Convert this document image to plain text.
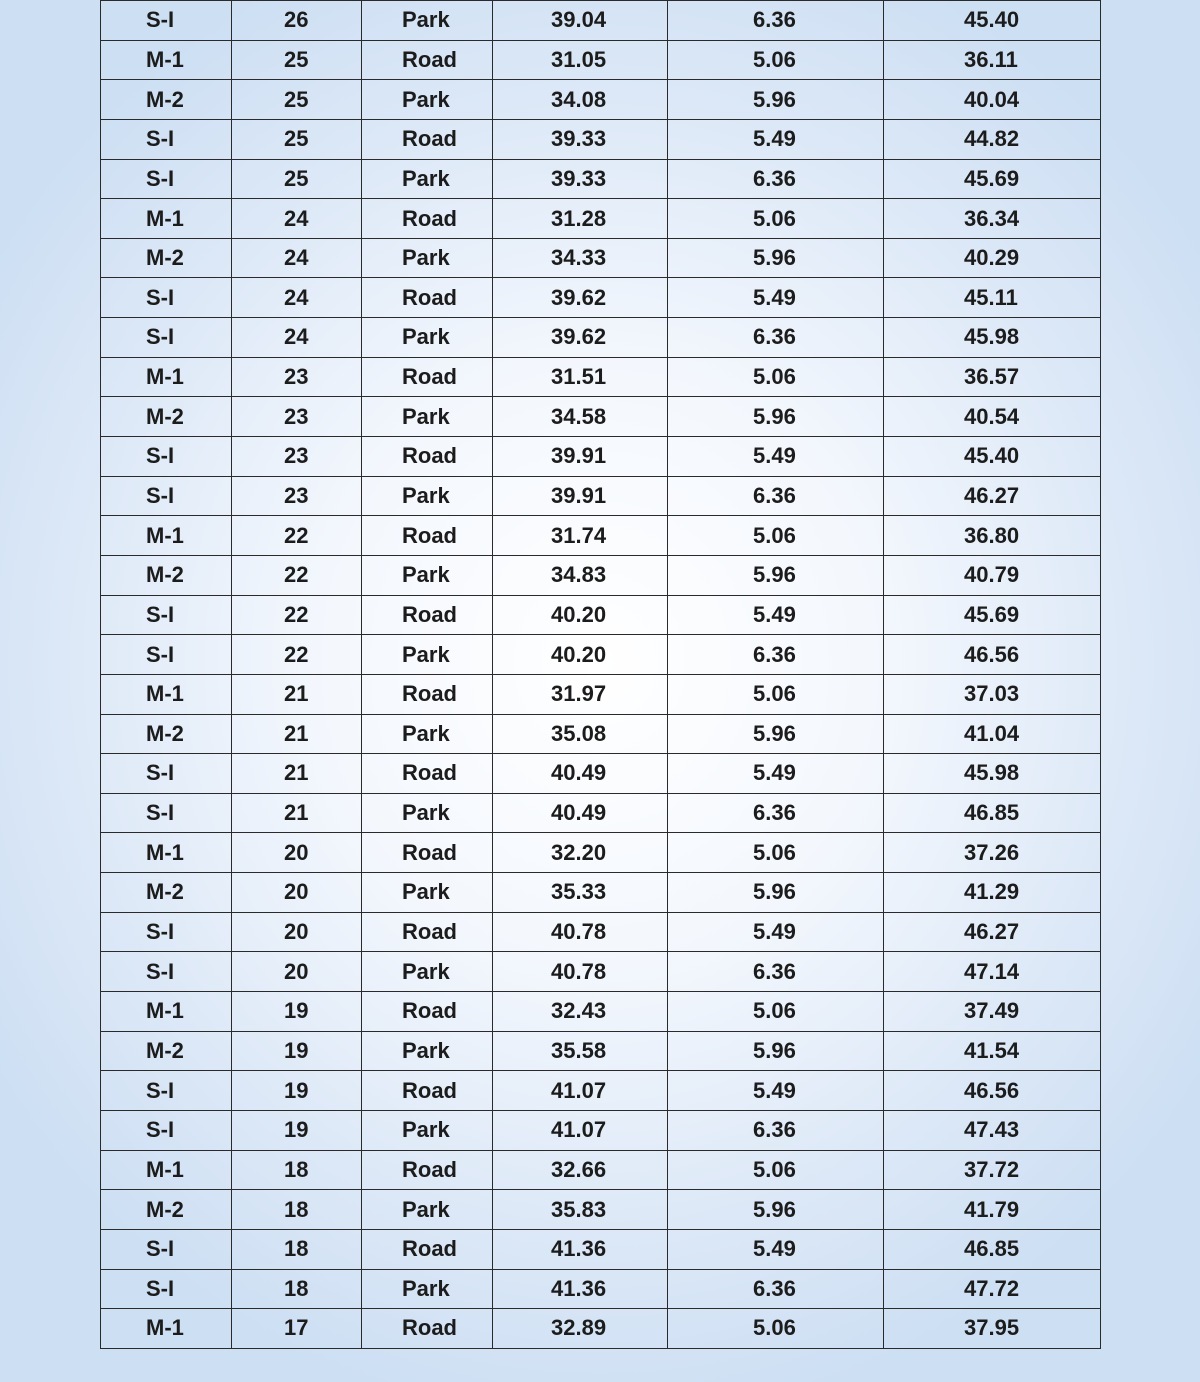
S-I	26	Park	39.04	6.36	45.40
M-1	25	Road	31.05	5.06	36.11
M-2	25	Park	34.08	5.96	40.04
S-I	25	Road	39.33	5.49	44.82
S-I	25	Park	39.33	6.36	45.69
M-1	24	Road	31.28	5.06	36.34
M-2	24	Park	34.33	5.96	40.29
S-I	24	Road	39.62	5.49	45.11
S-I	24	Park	39.62	6.36	45.98
M-1	23	Road	31.51	5.06	36.57
M-2	23	Park	34.58	5.96	40.54
S-I	23	Road	39.91	5.49	45.40
S-I	23	Park	39.91	6.36	46.27
M-1	22	Road	31.74	5.06	36.80
M-2	22	Park	34.83	5.96	40.79
S-I	22	Road	40.20	5.49	45.69
S-I	22	Park	40.20	6.36	46.56
M-1	21	Road	31.97	5.06	37.03
M-2	21	Park	35.08	5.96	41.04
S-I	21	Road	40.49	5.49	45.98
S-I	21	Park	40.49	6.36	46.85
M-1	20	Road	32.20	5.06	37.26
M-2	20	Park	35.33	5.96	41.29
S-I	20	Road	40.78	5.49	46.27
S-I	20	Park	40.78	6.36	47.14
M-1	19	Road	32.43	5.06	37.49
M-2	19	Park	35.58	5.96	41.54
S-I	19	Road	41.07	5.49	46.56
S-I	19	Park	41.07	6.36	47.43
M-1	18	Road	32.66	5.06	37.72
M-2	18	Park	35.83	5.96	41.79
S-I	18	Road	41.36	5.49	46.85
S-I	18	Park	41.36	6.36	47.72
M-1	17	Road	32.89	5.06	37.95
